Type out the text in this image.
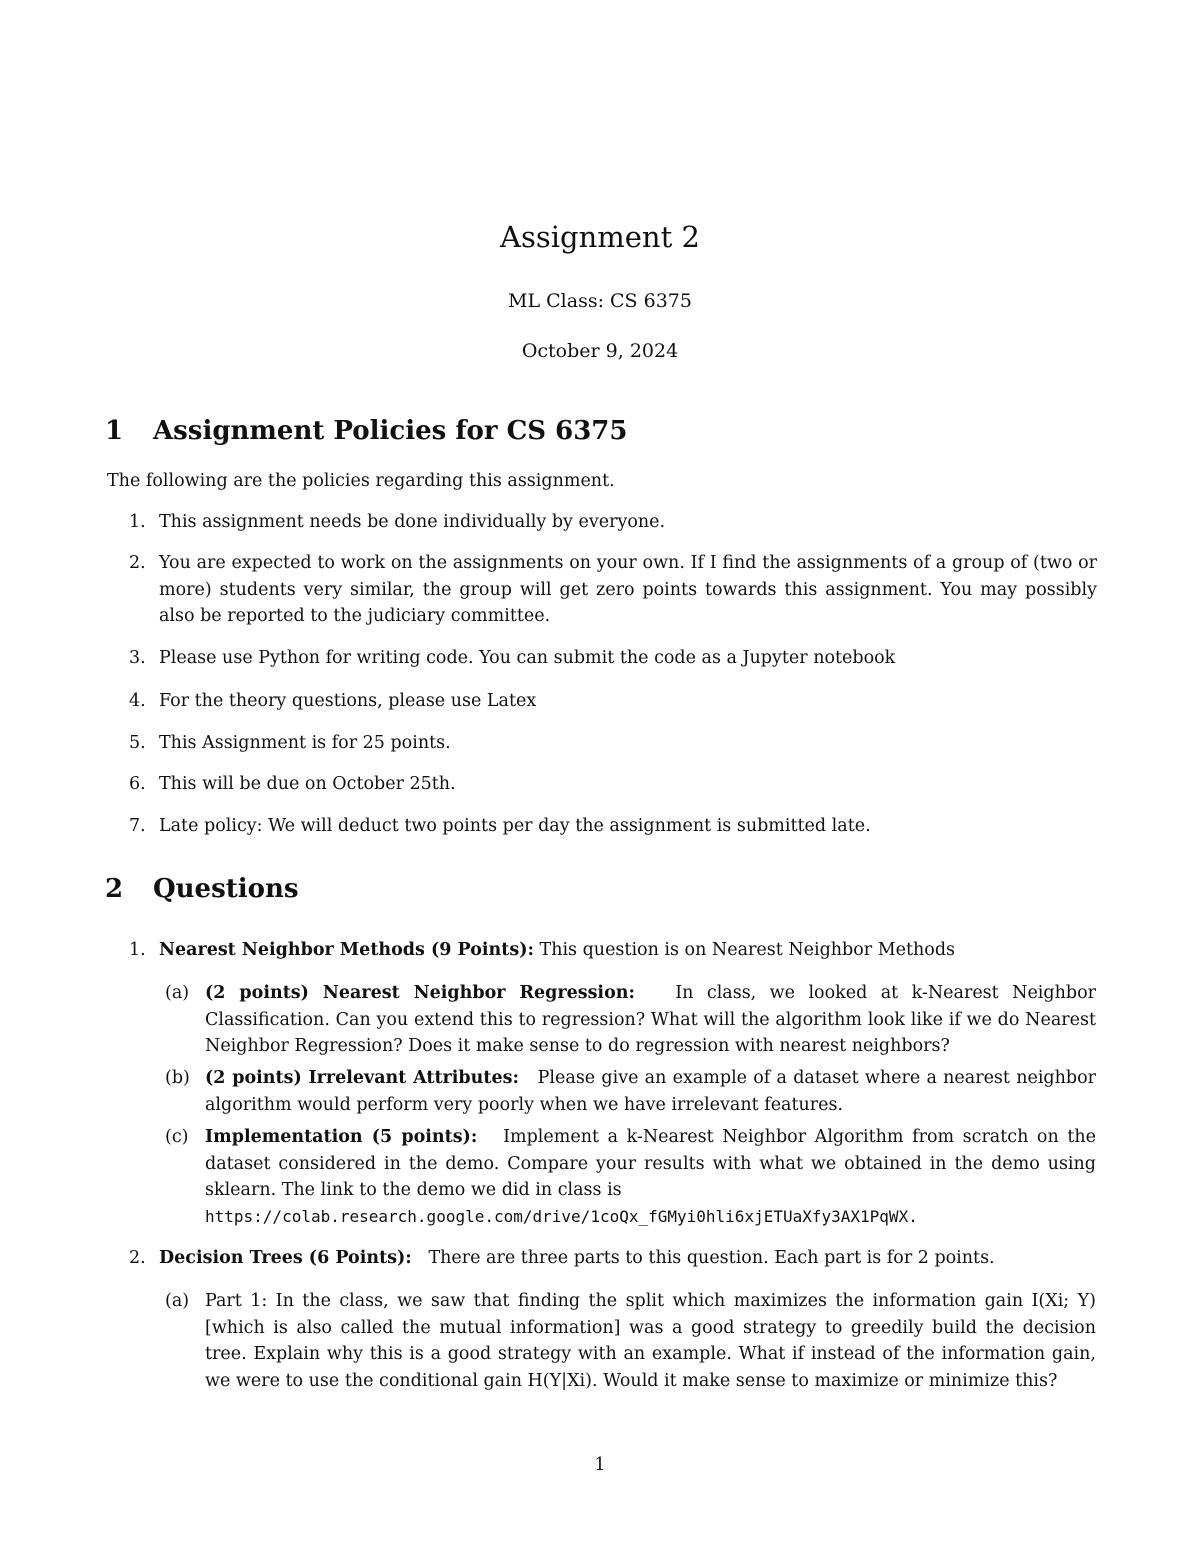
Assignment 2
ML Class: CS 6375
October 9, 2024
1 Assignment Policies for CS 6375
The following are the policies regarding this assignment.
1. This assignment needs be done individually by everyone.
2. You are expected to work on the assignments on your own. If I find the assignments of a group of (two or more) students very similar, the group will get zero points towards this assignment. You may possibly also be reported to the judiciary committee.
3. Please use Python for writing code. You can submit the code as a Jupyter notebook
4. For the theory questions, please use Latex
5. This Assignment is for 25 points.
6. This will be due on October 25th.
7. Late policy: We will deduct two points per day the assignment is submitted late.
2 Questions
1. Nearest Neighbor Methods (9 Points): This question is on Nearest Neighbor Methods
(a) (2 points) Nearest Neighbor Regression: In class, we looked at k-Nearest Neighbor Classification. Can you extend this to regression? What will the algorithm look like if we do Nearest Neighbor Regression? Does it make sense to do regression with nearest neighbors?
(b) (2 points) Irrelevant Attributes: Please give an example of a dataset where a nearest neighbor algorithm would perform very poorly when we have irrelevant features.
(c) Implementation (5 points): Implement a k-Nearest Neighbor Algorithm from scratch on the dataset considered in the demo. Compare your results with what we obtained in the demo using sklearn. The link to the demo we did in class is
https://colab.research.google.com/drive/1coQx_fGMyi0hli6xjETUaXfy3AX1PqWX.
2. Decision Trees (6 Points): There are three parts to this question. Each part is for 2 points.
(a) Part 1: In the class, we saw that finding the split which maximizes the information gain I(Xi; Y) [which is also called the mutual information] was a good strategy to greedily build the decision tree. Explain why this is a good strategy with an example. What if instead of the information gain, we were to use the conditional gain H(Y|Xi). Would it make sense to maximize or minimize this?
1
